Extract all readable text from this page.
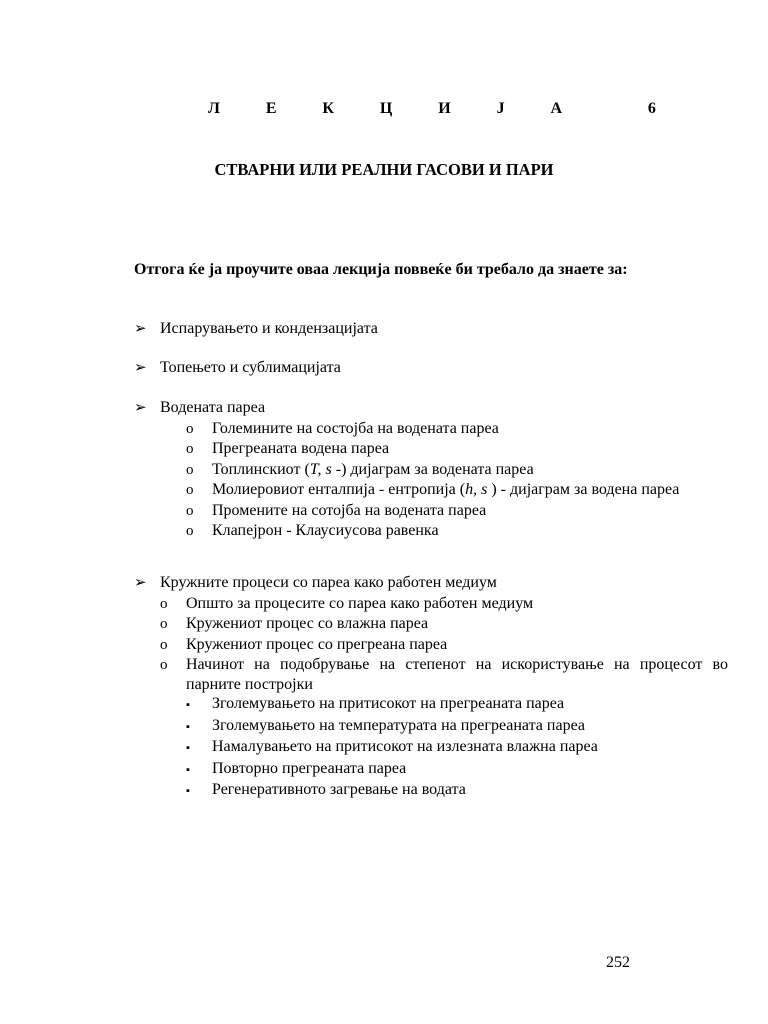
Л	Е	К	Ц	И	Ј	А	6
СТВАРНИ ИЛИ РЕАЛНИ ГАСОВИ И ПАРИ
Отгога ќе ја проучите оваа лекција поввеќе би требало да знаете за:
➢ Испарувањето и кондензацијата
➢ Топењето и сублимацијата
➢ Водената пареа
o	Големините на состојба на водената пареа
o	Прегреаната водена пареа
o	Топлинскиот (T, s -) дијаграм за водената пареа
o	Молиеровиот енталпија - ентропија (h, s ) - дијаграм за водена пареа
o	Промените на сотојба на водената пареа
o	Клапејрон - Клаусиусова равенка
➢ Кружните процеси со пареа како работен медиум
o	Општо за процесите со пареа како работен медиум
o	Кружениот процес со влажна пареа
o	Кружениот процес со прегреана пареа
o	Начинот на подобрување на степенот на искористување на процесот во парните постројки
▪	Зголемувањето на притисокот на прегреаната пареа
▪	Зголемувањето на температурата на прегреаната пареа
▪	Намалувањето на притисокот на излезната влажна пареа
▪	Повторно прегреаната пареа
▪	Регенеративното загревање на водата
252
